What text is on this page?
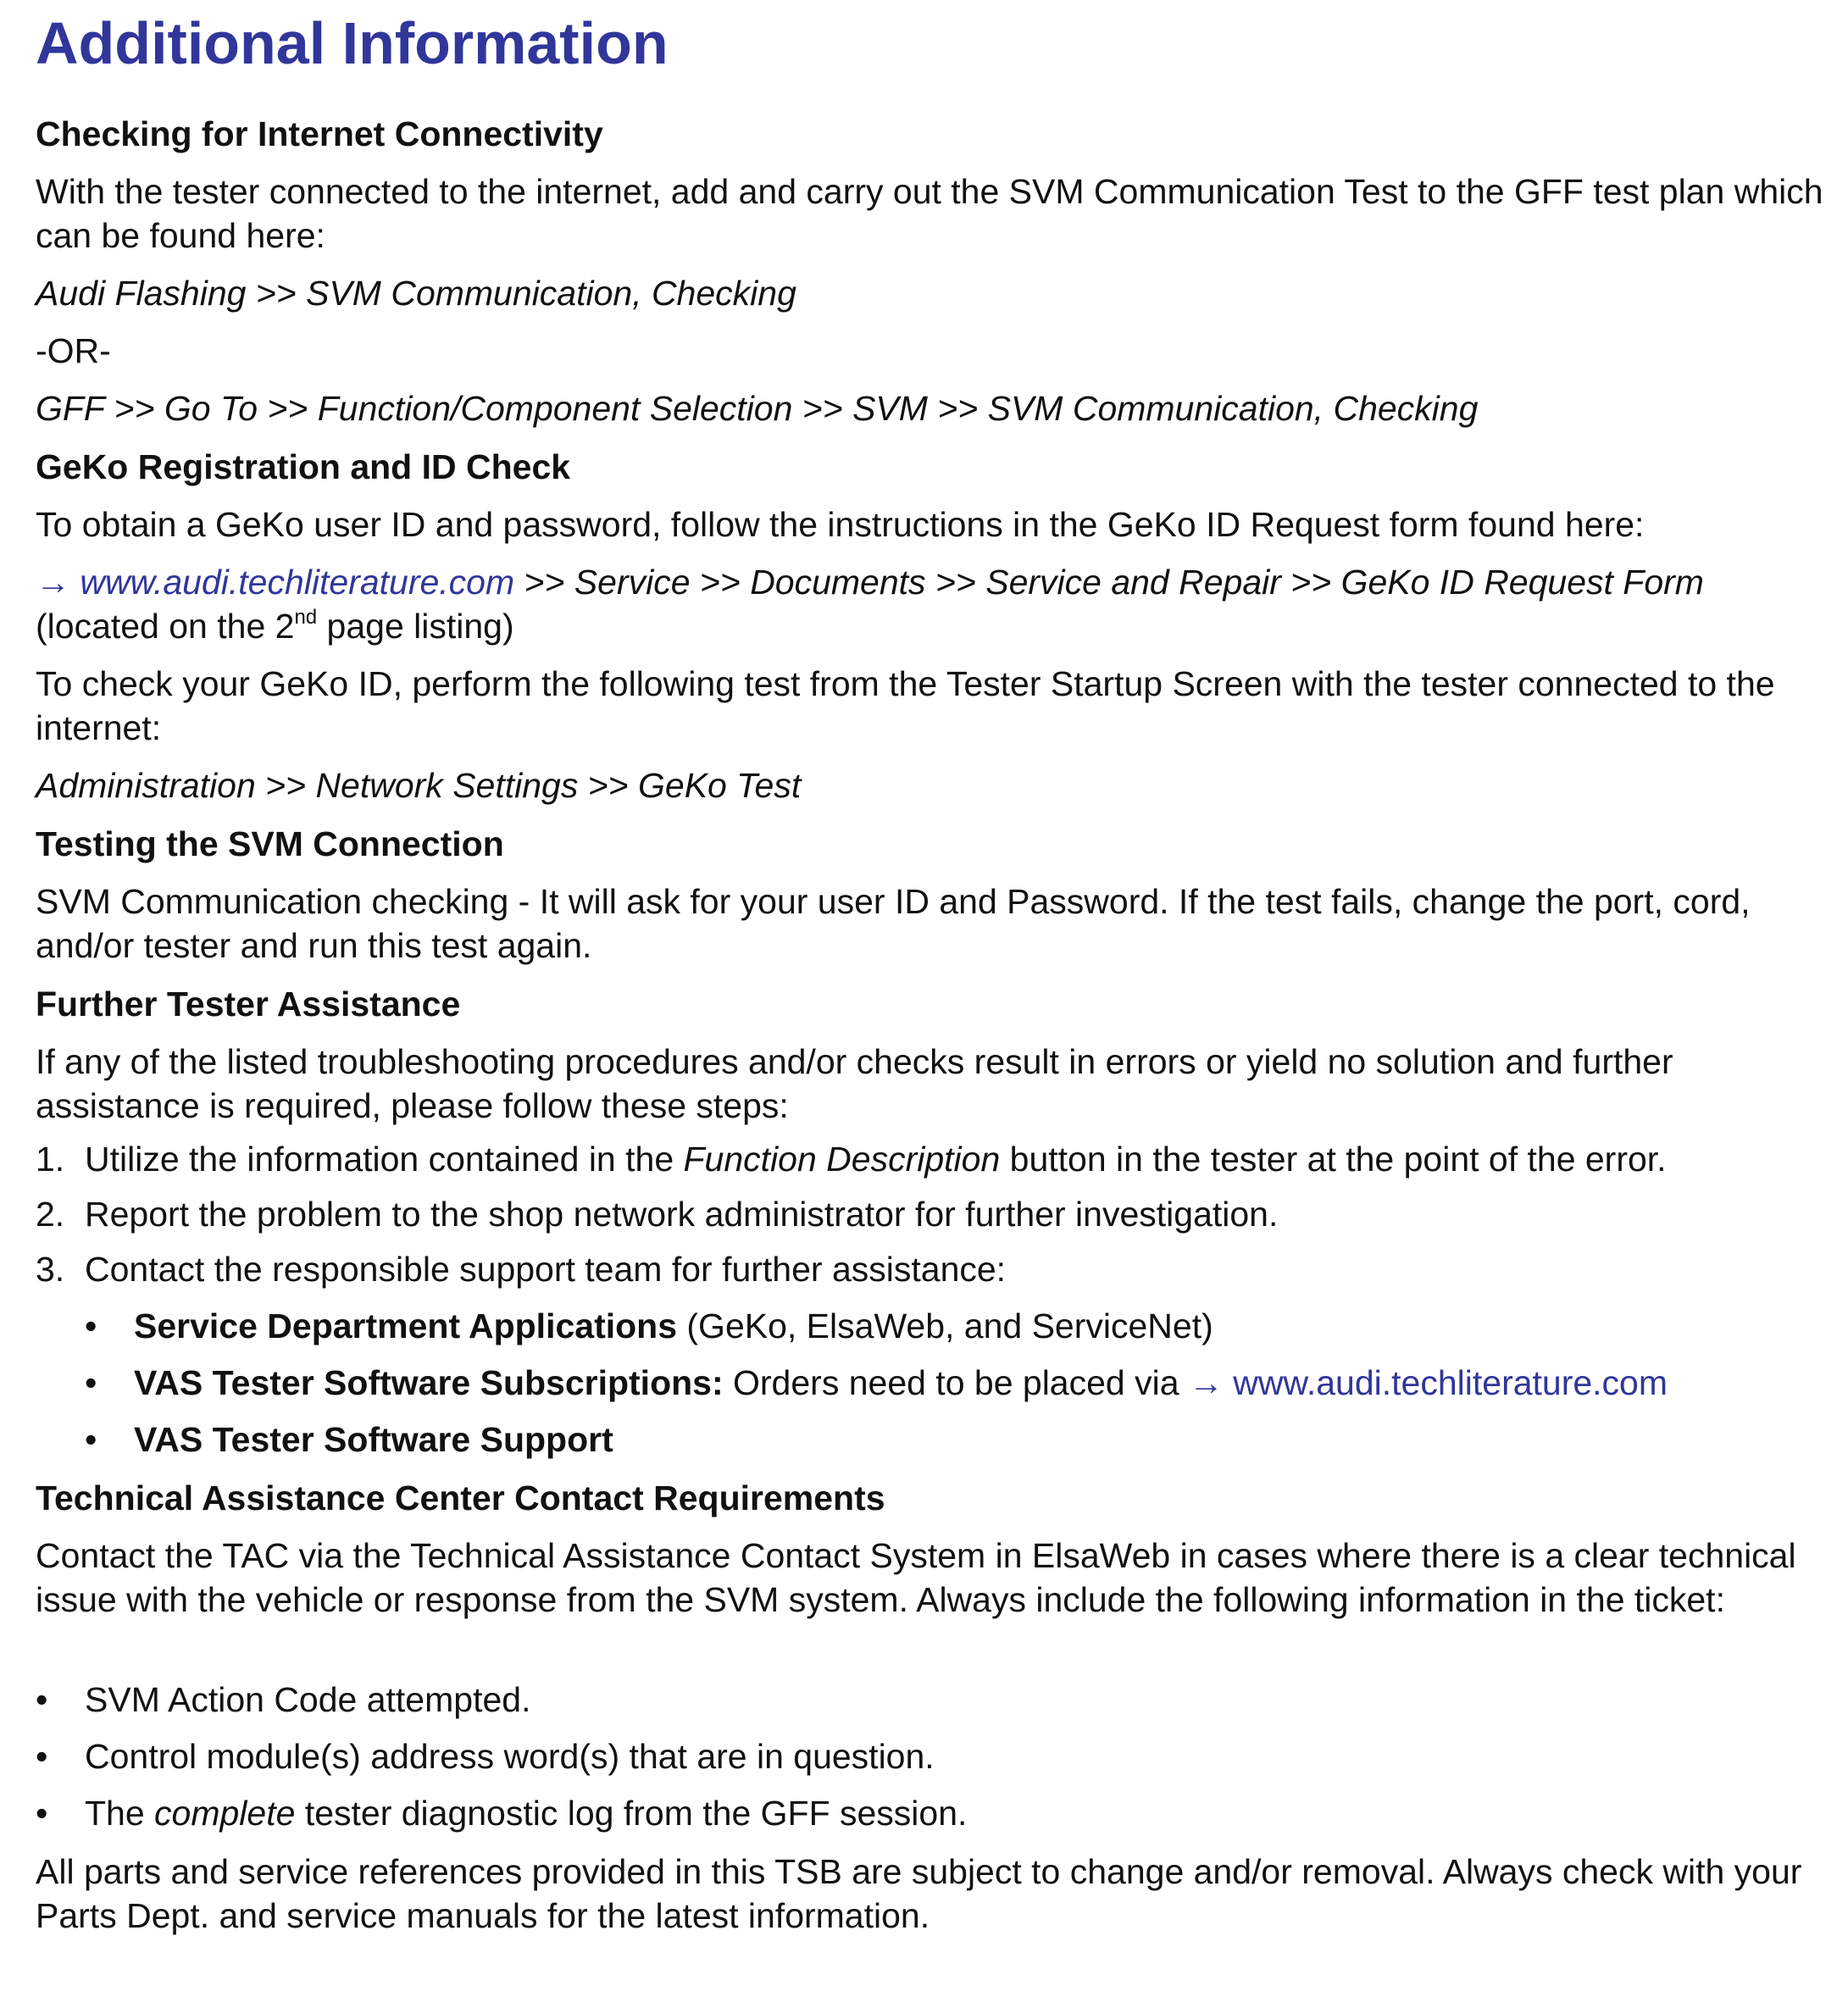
Additional Information
Checking for Internet Connectivity

With the tester connected to the internet, add and carry out the SVM Communication Test to the GFF test plan which can be found here:

Audi Flashing >> SVM Communication, Checking
-OR-
GFF >> Go To >> Function/Component Selection >> SVM >> SVM Communication, Checking
GeKo Registration and ID Check
To obtain a GeKo user ID and password, follow the instructions in the GeKo ID Request form found here:
→ www.audi.techliterature.com >> Service >> Documents >> Service and Repair >> GeKo ID Request Form
(located on the 2nd page listing)

To check your GeKo ID, perform the following test from the Tester Startup Screen with the tester connected to the internet:

Administration >> Network Settings >> GeKo Test
Testing the SVM Connection

SVM Communication checking - It will ask for your user ID and Password. If the test fails, change the port, cord, and/or tester and run this test again.

Further Tester Assistance

If any of the listed troubleshooting procedures and/or checks result in errors or yield no solution and further assistance is required, please follow these steps:

1. Utilize the information contained in the Function Description button in the tester at the point of the error.
2. Report the problem to the shop network administrator for further investigation.
3. Contact the responsible support team for further assistance:
• Service Department Applications (GeKo, ElsaWeb, and ServiceNet)
• VAS Tester Software Subscriptions: Orders need to be placed via → www.audi.techliterature.com
• VAS Tester Software Support
Technical Assistance Center Contact Requirements

Contact the TAC via the Technical Assistance Contact System in ElsaWeb in cases where there is a clear technical issue with the vehicle or response from the SVM system. Always include the following information in the ticket:

• SVM Action Code attempted.
• Control module(s) address word(s) that are in question.
• The complete tester diagnostic log from the GFF session.

All parts and service references provided in this TSB are subject to change and/or removal. Always check with your Parts Dept. and service manuals for the latest information.
